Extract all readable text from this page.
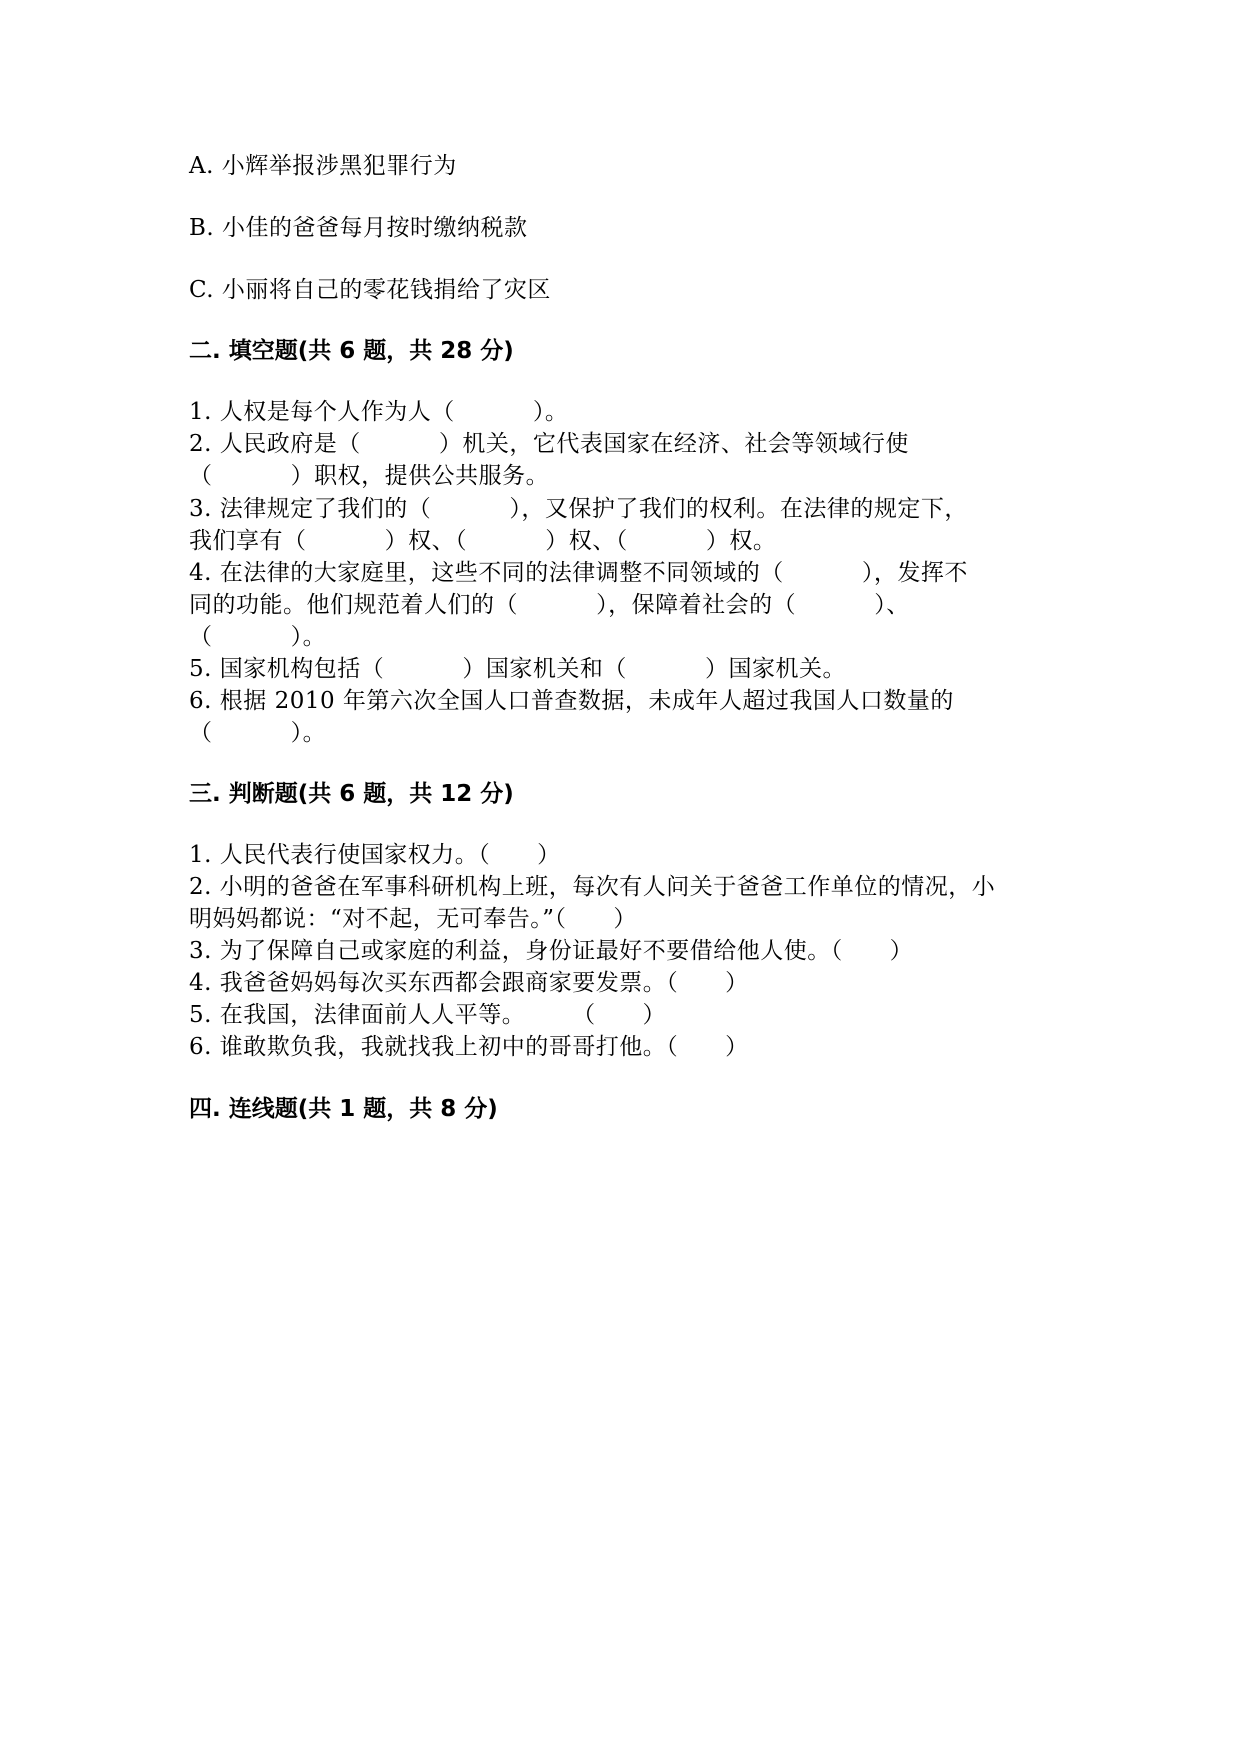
A. 小辉举报涉黑犯罪行为
B. 小佳的爸爸每月按时缴纳税款
C. 小丽将自己的零花钱捐给了灾区
二. 填空题(共 6 题，共 28 分)
1. 人权是每个人作为人（          ）。
2. 人民政府是（          ）机关，它代表国家在经济、社会等领域行使
（          ）职权，提供公共服务。
3. 法律规定了我们的（          ），又保护了我们的权利。在法律的规定下，
我们享有（          ）权、（          ）权、（          ）权。
4. 在法律的大家庭里，这些不同的法律调整不同领域的（          ），发挥不
同的功能。他们规范着人们的（          ），保障着社会的（          ）、
（          ）。
5. 国家机构包括（          ）国家机关和（          ）国家机关。
6. 根据 2010 年第六次全国人口普查数据，未成年人超过我国人口数量的
（          ）。
三. 判断题(共 6 题，共 12 分)
1. 人民代表行使国家权力。（      ）
2. 小明的爸爸在军事科研机构上班，每次有人问关于爸爸工作单位的情况，小
明妈妈都说：“对不起，无可奉告。”（      ）
3. 为了保障自己或家庭的利益，身份证最好不要借给他人使。（      ）
4. 我爸爸妈妈每次买东西都会跟商家要发票。（      ）
5. 在我国，法律面前人人平等。      （      ）
6. 谁敢欺负我，我就找我上初中的哥哥打他。（      ）
四. 连线题(共 1 题，共 8 分)
